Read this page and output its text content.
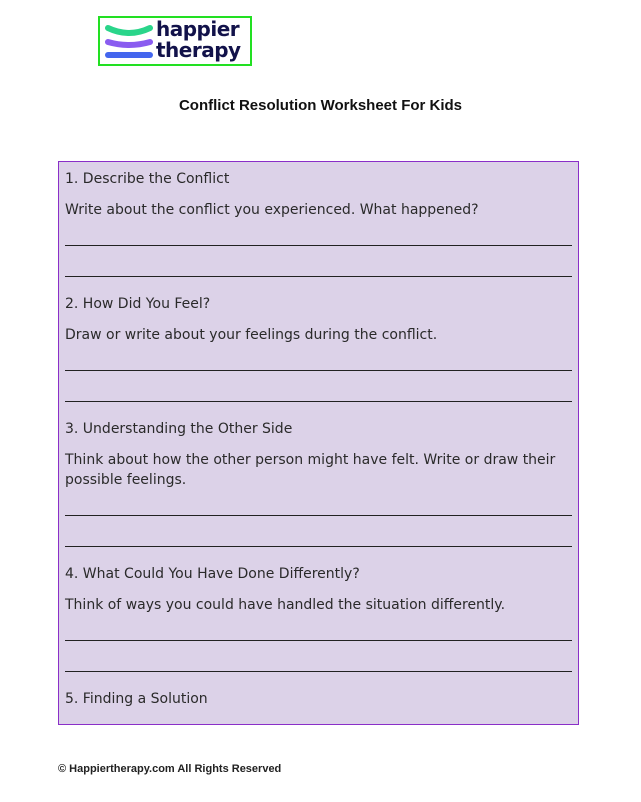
happier
therapy
Conflict Resolution Worksheet For Kids
1. Describe the Conflict
Write about the conflict you experienced. What happened?
2. How Did You Feel?
Draw or write about your feelings during the conflict.
3. Understanding the Other Side
Think about how the other person might have felt. Write or draw their possible feelings.
4. What Could You Have Done Differently?
Think of ways you could have handled the situation differently.
5. Finding a Solution
© Happiertherapy.com All Rights Reserved
